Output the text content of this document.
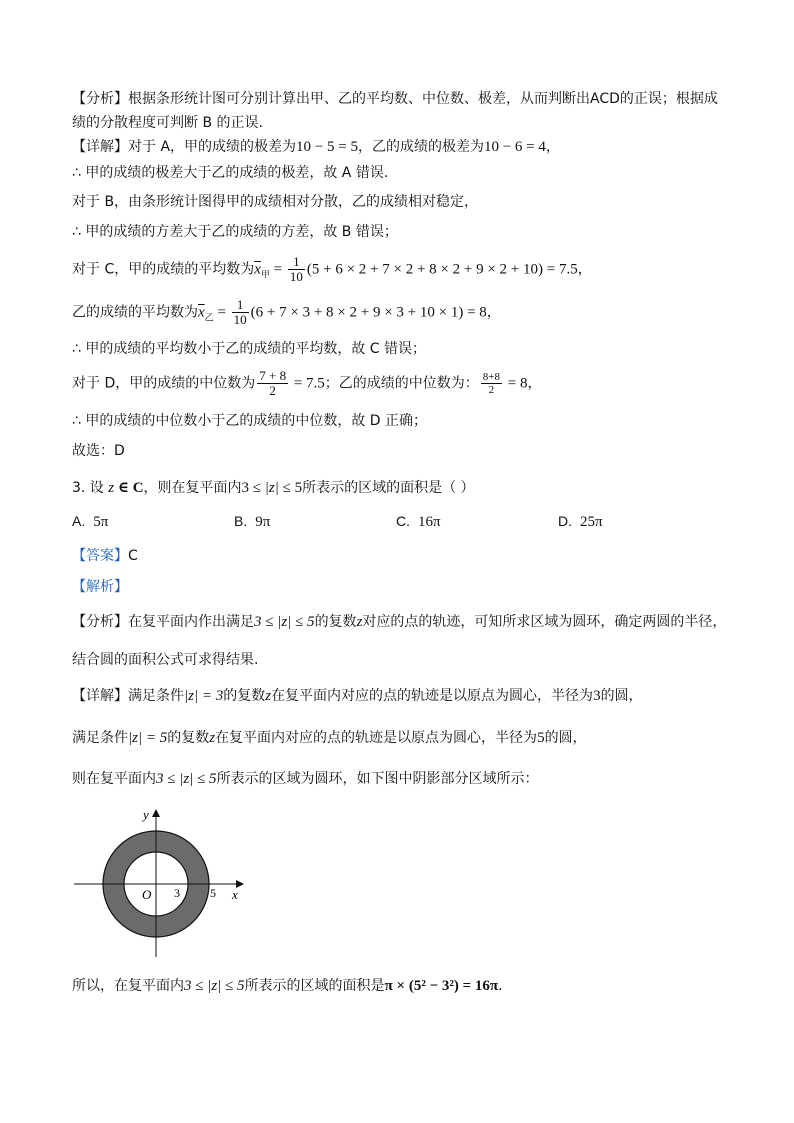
【分析】根据条形统计图可分别计算出甲、乙的平均数、中位数、极差，从而判断出ACD的正误；根据成
绩的分散程度可判断 B 的正误.
【详解】对于 A，甲的成绩的极差为10 − 5 = 5，乙的成绩的极差为10 − 6 = 4，
∴ 甲的成绩的极差大于乙的成绩的极差，故 A 错误.
对于 B，由条形统计图得甲的成绩相对分散，乙的成绩相对稳定，
∴ 甲的成绩的方差大于乙的成绩的方差，故 B 错误；
对于 C，甲的成绩的平均数为$\overline{x}_甲 = \frac{1}{10} (5 + 6 \times 2 + 7 \times 2 + 8 \times 2 + 9 \times 2 + 10) = 7.5$，
乙的成绩的平均数为$\overline{x}_乙 = \frac{1}{10} (6 + 7 \times 3 + 8 \times 2 + 9 \times 3 + 10 \times 1) = 8$，
∴ 甲的成绩的平均数小于乙的成绩的平均数，故 C 错误；
对于 D，甲的成绩的中位数为 $\frac{7 + 8}{2} = 7.5$；乙的成绩的中位数为： $\frac{8+8}{2} = 8$，
∴ 甲的成绩的中位数小于乙的成绩的中位数，故 D 正确；
故选：D
3. 设 z ∈ C，则在复平面内3 ≤ |z| ≤ 5所表示的区域的面积是（ ）
A. 5π	B. 9π	C. 16π	D. 25π
【答案】C
【解析】
【分析】在复平面内作出满足3 ≤ |z| ≤ 5的复数z对应的点的轨迹，可知所求区域为圆环，确定两圆的半径，
结合圆的面积公式可求得结果.
【详解】满足条件|z| = 3的复数z在复平面内对应的点的轨迹是以原点为圆心，半径为3的圆，
满足条件|z| = 5的复数z在复平面内对应的点的轨迹是以原点为圆心，半径为5的圆，
则在复平面内3 ≤ |z| ≤ 5所表示的区域为圆环，如下图中阴影部分区域所示：
y
x
O 3	5
所以，在复平面内3 ≤ |z| ≤ 5所表示的区域的面积是π × (5² − 3²) = 16π.
